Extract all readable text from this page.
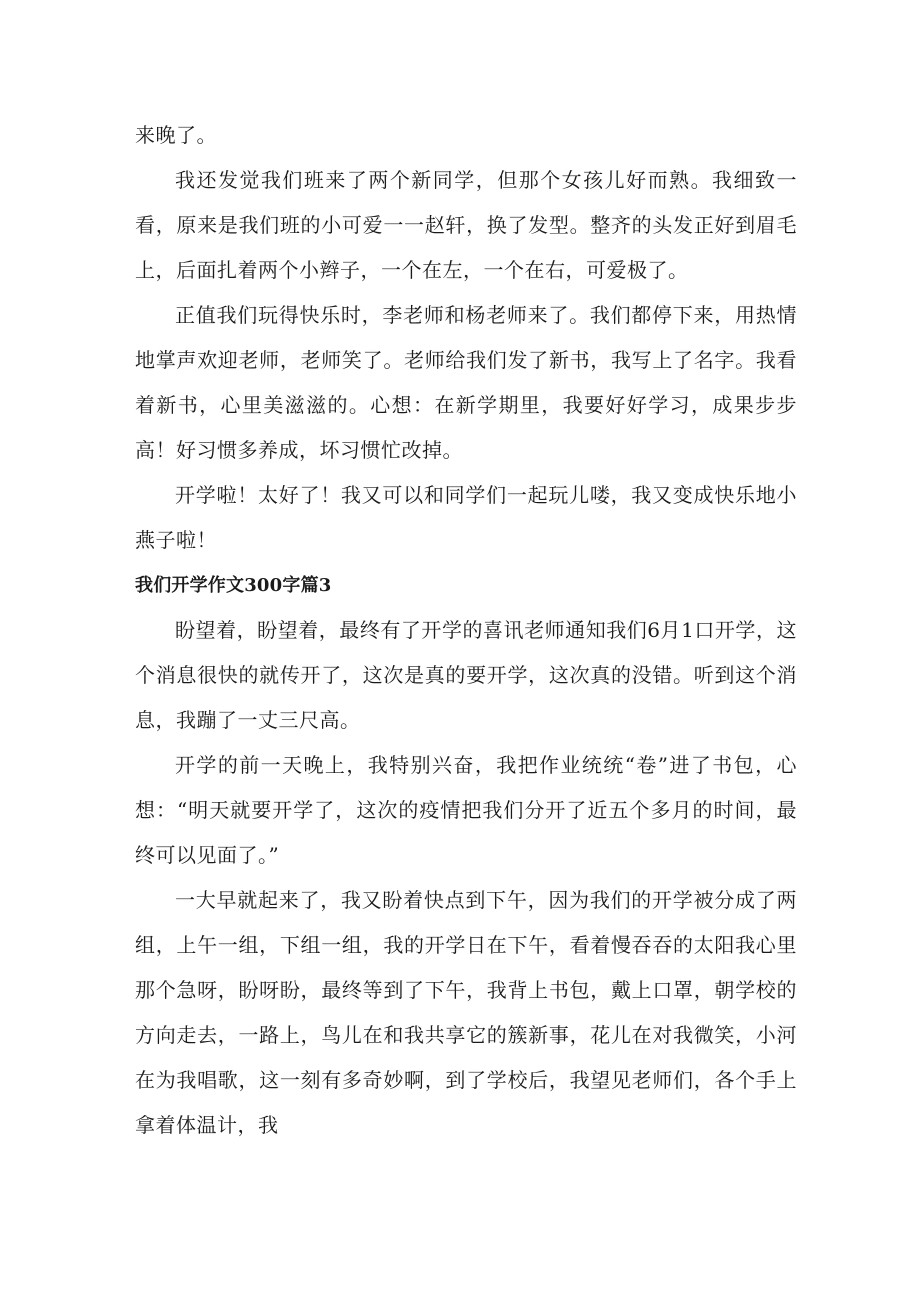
来晚了。

我还发觉我们班来了两个新同学，但那个女孩儿好而熟。我细致一看，原来是我们班的小可爱一一赵轩，换了发型。整齐的头发正好到眉毛上，后面扎着两个小辫子，一个在左，一个在右，可爱极了。

正值我们玩得快乐时，李老师和杨老师来了。我们都停下来，用热情地掌声欢迎老师，老师笑了。老师给我们发了新书，我写上了名字。我看着新书，心里美滋滋的。心想：在新学期里，我要好好学习，成果步步高！好习惯多养成，坏习惯忙改掉。

开学啦！太好了！我又可以和同学们一起玩儿喽，我又变成快乐地小燕子啦！

我们开学作文300字篇3

盼望着，盼望着，最终有了开学的喜讯老师通知我们6月1口开学，这个消息很快的就传开了，这次是真的要开学，这次真的没错。听到这个消息，我蹦了一丈三尺高。

开学的前一天晚上，我特别兴奋，我把作业统统“卷”进了书包，心想：“明天就要开学了，这次的疫情把我们分开了近五个多月的时间，最终可以见面了。”

一大早就起来了，我又盼着快点到下午，因为我们的开学被分成了两组，上午一组，下组一组，我的开学日在下午，看着慢吞吞的太阳我心里那个急呀，盼呀盼，最终等到了下午，我背上书包，戴上口罩，朝学校的方向走去，一路上，鸟儿在和我共享它的簇新事，花儿在对我微笑，小河在为我唱歌，这一刻有多奇妙啊，到了学校后，我望见老师们，各个手上拿着体温计，我
